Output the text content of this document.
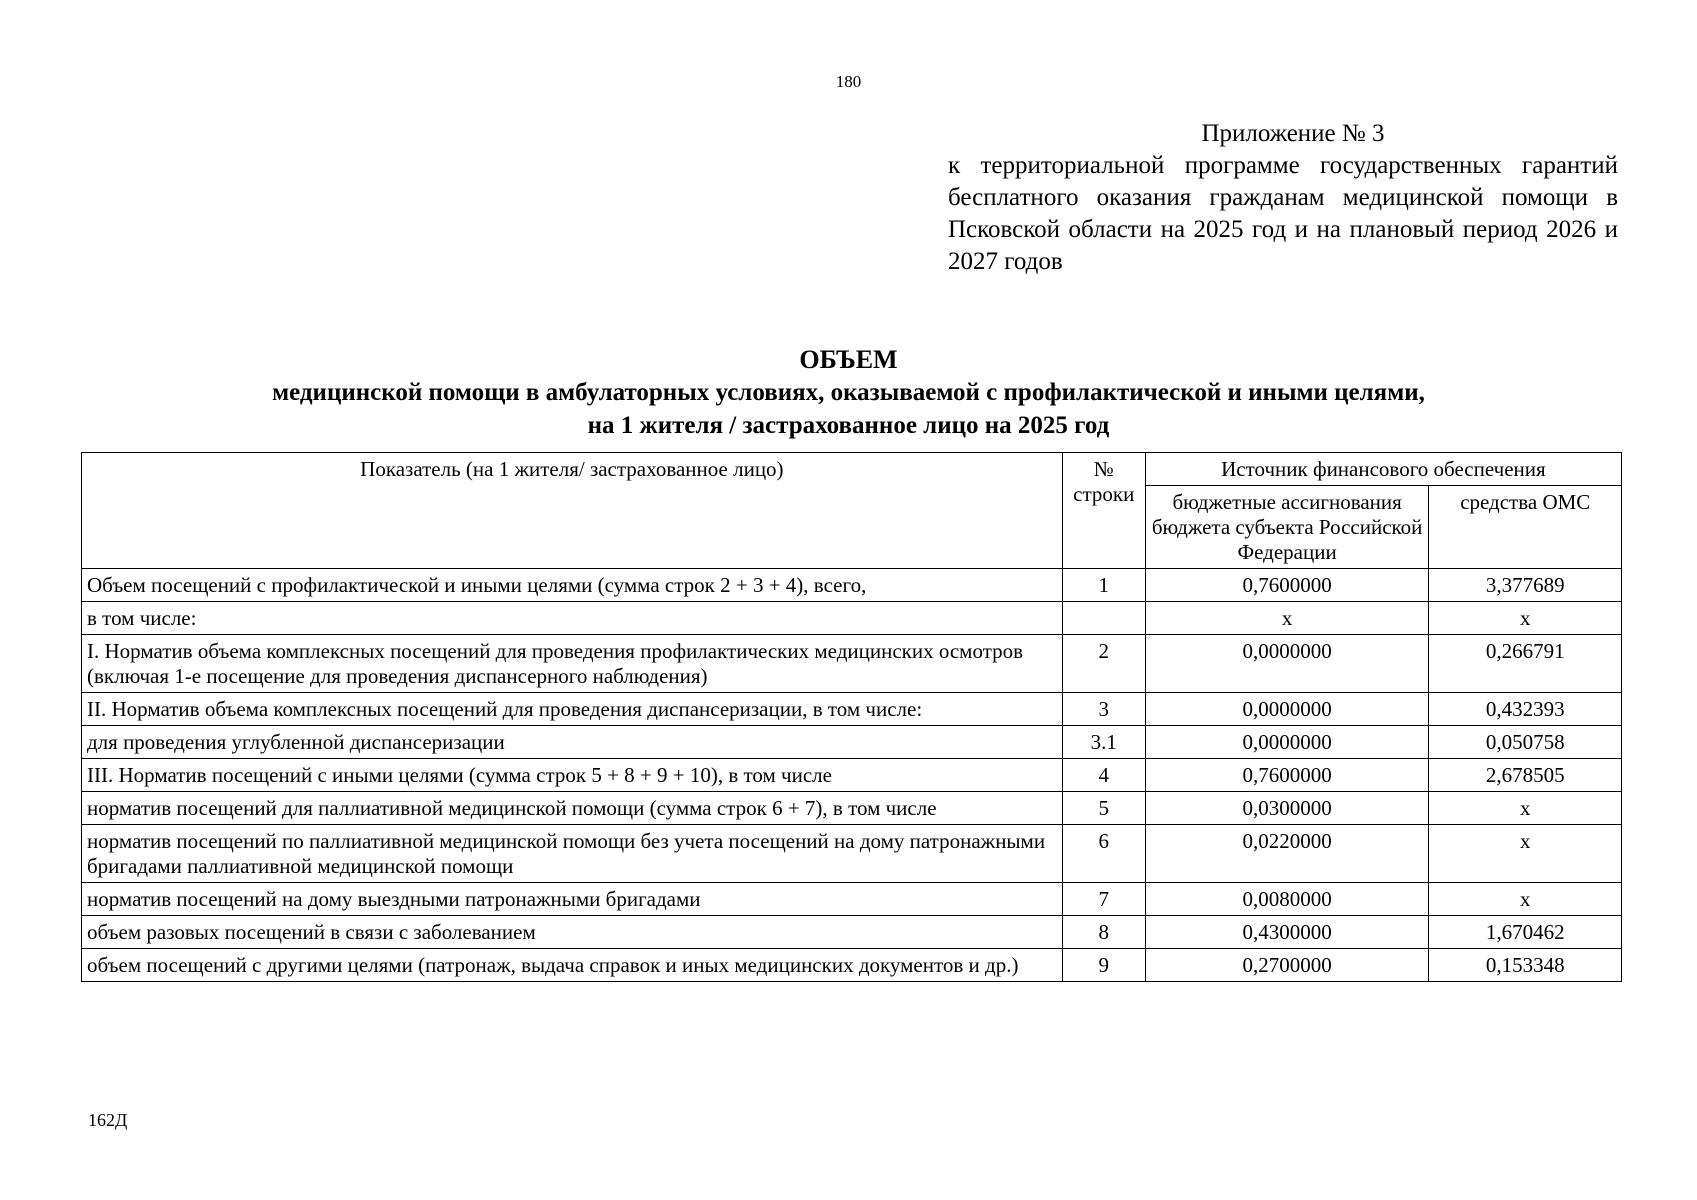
180
Приложение № 3
к территориальной программе государственных гарантий бесплатного оказания гражданам медицинской помощи в Псковской области на 2025 год и на плановый период 2026 и 2027 годов
ОБЪЕМ
медицинской помощи в амбулаторных условиях, оказываемой с профилактической и иными целями,
на 1 жителя / застрахованное лицо на 2025 год
Показатель (на 1 жителя/ застрахованное лицо)	№ строки	Источник финансового обеспечения	
		бюджетные ассигнования бюджета субъекта Российской Федерации	средства ОМС
Объем посещений с профилактической и иными целями (сумма строк 2 + 3 + 4), всего,	1	0,7600000	3,377689
в том числе:		х	х
I. Норматив объема комплексных посещений для проведения профилактических медицинских осмотров (включая 1-е посещение для проведения диспансерного наблюдения)	2	0,0000000	0,266791
II. Норматив объема комплексных посещений для проведения диспансеризации, в том числе:	3	0,0000000	0,432393
для проведения углубленной диспансеризации	3.1	0,0000000	0,050758
III. Норматив посещений с иными целями (сумма строк 5 + 8 + 9 + 10), в том числе	4	0,7600000	2,678505
норматив посещений для паллиативной медицинской помощи (сумма строк 6 + 7), в том числе	5	0,0300000	х
норматив посещений по паллиативной медицинской помощи без учета посещений на дому патронажными бригадами паллиативной медицинской помощи	6	0,0220000	х
норматив посещений на дому выездными патронажными бригадами	7	0,0080000	х
объем разовых посещений в связи с заболеванием	8	0,4300000	1,670462
объем посещений с другими целями (патронаж, выдача справок и иных медицинских документов и др.)	9	0,2700000	0,153348
162Д
